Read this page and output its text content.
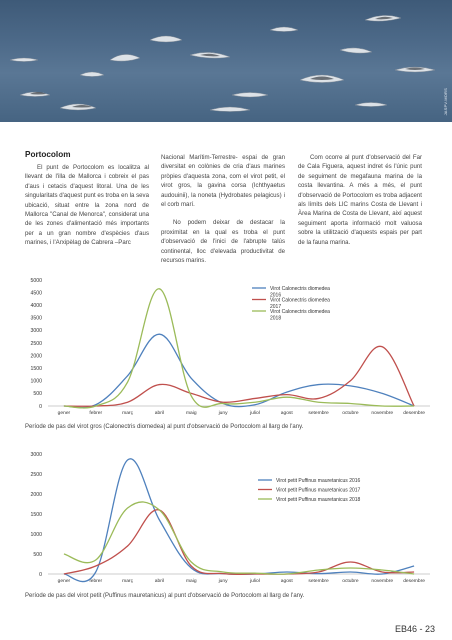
JASPV.MORS
Portocolom

El punt de Portocolom es localitza al llevant de l'illa de Mallorca i cobreix el pas d'aus i cetacis d'aquest litoral. Una de les singularitats d'aquest punt es troba en la seva ubicació, situat entre la zona nord de Mallorca "Canal de Menorca", considerat una de les zones d'alimentació més importants per a un gran nombre d'espècies d'aus marines, i l'Arxipèlag de Cabrera –Parc

Nacional Marítim-Terrestre- espai de gran diversitat en colònies de cria d'aus marines pròpies d'aquesta zona, com el virot petit, el virot gros, la gavina corsa (Ichthyaetus audouinii), la noneta (Hydrobates pelagicus) i el corb marí.

No podem deixar de destacar la proximitat en la qual es troba el punt d'observació de l'inici de l'abrupte talús continental, lloc d'elevada productivitat de recursos marins.

Com ocorre al punt d'observació del Far de Cala Figuera, aquest indret és l'únic punt de seguiment de megafauna marina de la costa llevantina. A més a més, el punt d'observació de Portocolom es troba adjacent als límits dels LIC marins Costa de Llevant i Àrea Marina de Costa de Llevant, així aquest seguiment aporta informació molt valuosa sobre la utilització d'aquests espais per part de la fauna marina.

0
500
1000
1500
2000
2500
3000
3500
4000
4500
5000
gener	febrer	març	abril	maig	juny	juliol	agost	setembre	octubre	novembre desembre
Virot Calonectris diomedea
2016
Virot Calonectris diomedea
2017
Virot Calonectris diomedea
2018
Període de pas del virot gros (Calonectris diomedea) al punt d'observació de Portocolom al llarg de l'any.
0
500
1000
1500
2000
2500
3000
gener	febrer	març	abril	maig	juny	juliol	agost	setembre	octubre	novembre desembre
Virot petit Puffinus mauretanicus 2016
Virot petit Puffinus mauretanicus 2017
Virot petit Puffinus mauretanicus 2018
Període de pas del virot petit (Puffinus mauretanicus) al punt d'observació de Portocolom al llarg de l'any.
EB46 - 23
